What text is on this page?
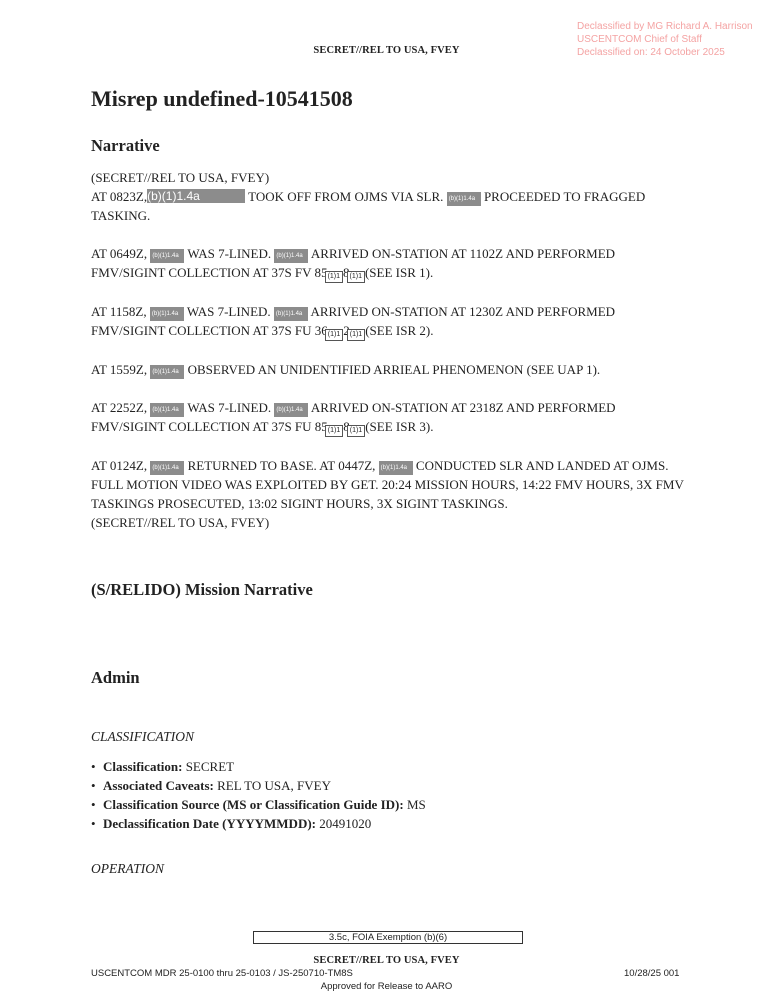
Declassified by MG Richard A. Harrison
USCENTCOM Chief of Staff
Declassified on: 24 October 2025
SECRET//REL TO USA, FVEY
Misrep undefined-10541508
Narrative

(SECRET//REL TO USA, FVEY)

AT 0823Z,(b)(1)1.4a	TOOK OFF FROM OJMS VIA SLR. (b)(1)1.4a PROCEEDED TO FRAGGED TASKING.

AT 0649Z, (b)(1)1.4a WAS 7-LINED. (b)(1)1.4a ARRIVED ON-STATION AT 1102Z AND PERFORMED FMV/SIGINT COLLECTION AT 37S FV 85 (1)1 8 (1)1 (SEE ISR 1).

AT 1158Z, (b)(1)1.4a WAS 7-LINED. (b)(1)1.4a ARRIVED ON-STATION AT 1230Z AND PERFORMED FMV/SIGINT COLLECTION AT 37S FU 36 (1)1 2 (1)1 (SEE ISR 2).

AT 1559Z, (b)(1)1.4a OBSERVED AN UNIDENTIFIED ARRIEAL PHENOMENON (SEE UAP 1).

AT 2252Z, (b)(1)1.4a WAS 7-LINED. (b)(1)1.4a ARRIVED ON-STATION AT 2318Z AND PERFORMED FMV/SIGINT COLLECTION AT 37S FU 85 (1)1 8 (1)1 (SEE ISR 3).

AT 0124Z, (b)(1)1.4a RETURNED TO BASE. AT 0447Z, (b)(1)1.4a CONDUCTED SLR AND LANDED AT OJMS. FULL MOTION VIDEO WAS EXPLOITED BY GET. 20:24 MISSION HOURS, 14:22 FMV HOURS, 3X FMV TASKINGS PROSECUTED, 13:02 SIGINT HOURS, 3X SIGINT TASKINGS.

(SECRET//REL TO USA, FVEY)

(S/RELIDO) Mission Narrative
Admin
CLASSIFICATION
• Classification: SECRET
• Associated Caveats: REL TO USA, FVEY
• Classification Source (MS or Classification Guide ID): MS
• Declassification Date (YYYYMMDD): 20491020
OPERATION
3.5c, FOIA Exemption (b)(6)
SECRET//REL TO USA, FVEY
USCENTCOM MDR 25-0100 thru 25-0103 / JS-250710-TM8S	10/28/25 001
Approved for Release to AARO
